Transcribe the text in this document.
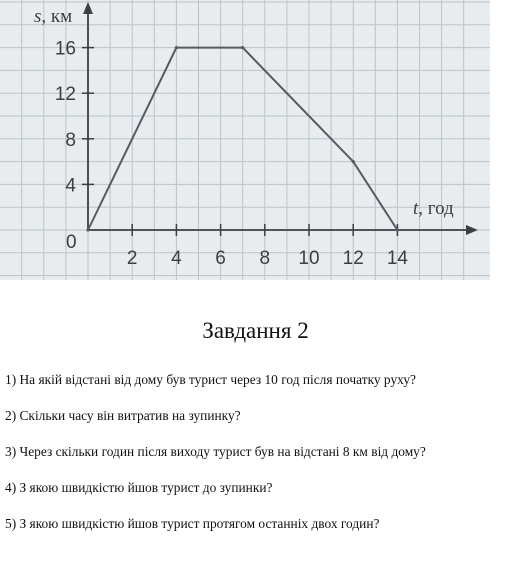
s, км
t, год
0
2 4 6 8 10 12 14
4
8
12
16
Завдання 2
1) На якій відстані від дому був турист через 10 год після початку руху?
2) Скільки часу він витратив на зупинку?
3) Через скільки годин після виходу турист був на відстані 8 км від дому?
4) З якою швидкістю йшов турист до зупинки?
5) З якою швидкістю йшов турист протягом останніх двох годин?
